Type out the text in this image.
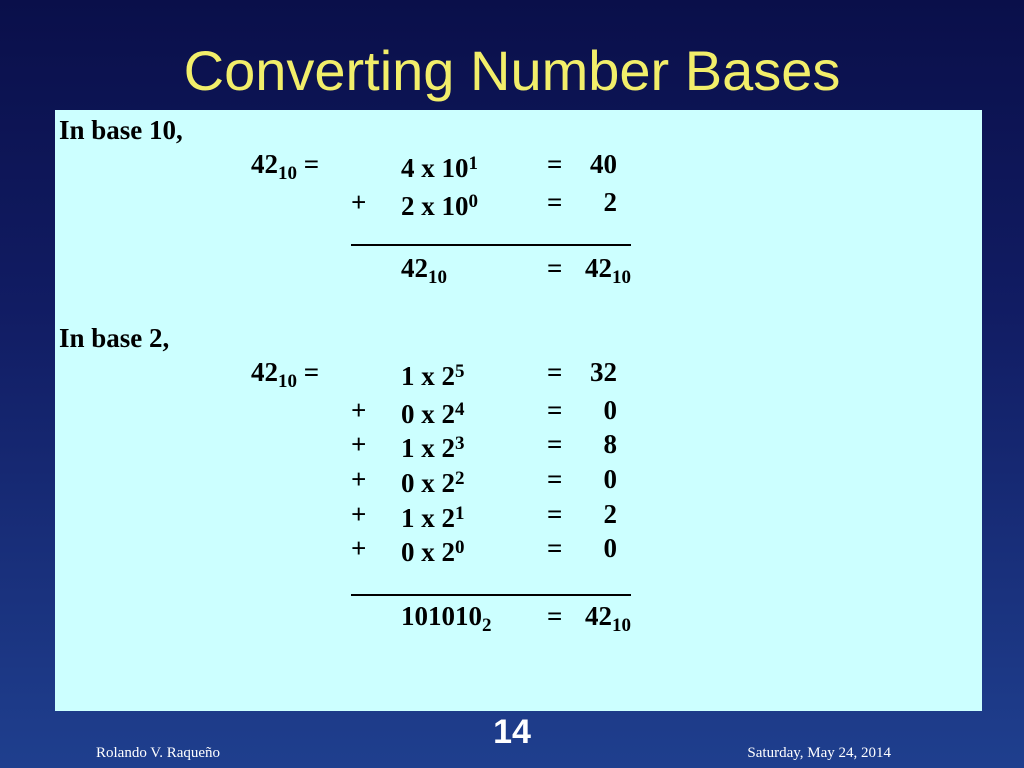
Converting Number Bases
In base 10,
$42_{10}$ =	4 x $10^1$	= 40
+ 2 x $10^0$	=	2
$42_{10}$	= $42_{10}$
In base 2,
$42_{10}$ =	1 x $2^5$	= 32
+ 0 x $2^4$	=	0
+ 1 x $2^3$	=	8
+ 0 x $2^2$	=	0
+ 1 x $2^1$	=	2
+ 0 x $2^0$	=	0
$101010_2 = 42_{10}$
14
Rolando V. Raqueño	Saturday, May 24, 2014
